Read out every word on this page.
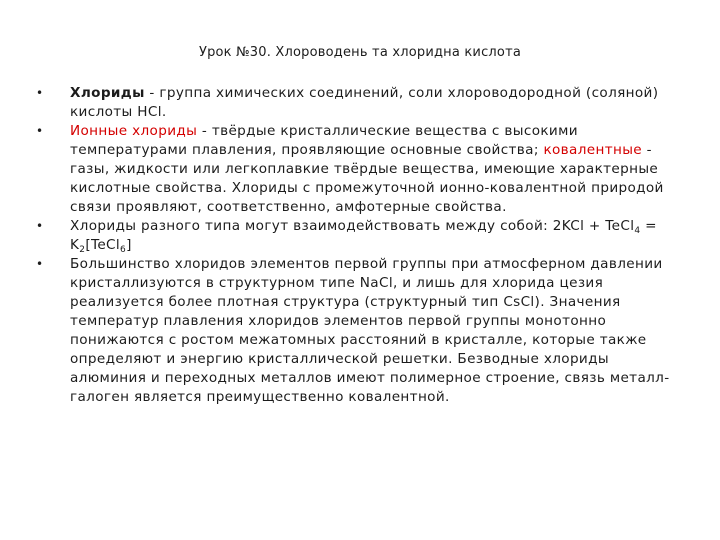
Урок №30. Хлороводень та хлоридна кислота
• Хлориды - группа химических соединений, соли хлороводородной (соляной) кислоты HCl.
• Ионные хлориды - твёрдые кристаллические вещества с высокими температурами плавления, проявляющие основные свойства; ковалентные - газы, жидкости или легкоплавкие твёрдые вещества, имеющие характерные кислотные свойства. Хлориды с промежуточной ионно-ковалентной природой связи проявляют, соответственно, амфотерные свойства.
• Хлориды разного типа могут взаимодействовать между собой: 2KCl + TeCl$_4$ = $K_2[TeCl_6]$
• Большинство хлоридов элементов первой группы при атмосферном давлении кристаллизуются в структурном типе NaCl, и лишь для хлорида цезия реализуется более плотная структура (структурный тип CsCl). Значения температур плавления хлоридов элементов первой группы монотонно понижаются с ростом межатомных расстояний в кристалле, которые также определяют и энергию кристаллической решетки. Безводные хлориды алюминия и переходных металлов имеют полимерное строение, связь металл-галоген является преимущественно ковалентной.
